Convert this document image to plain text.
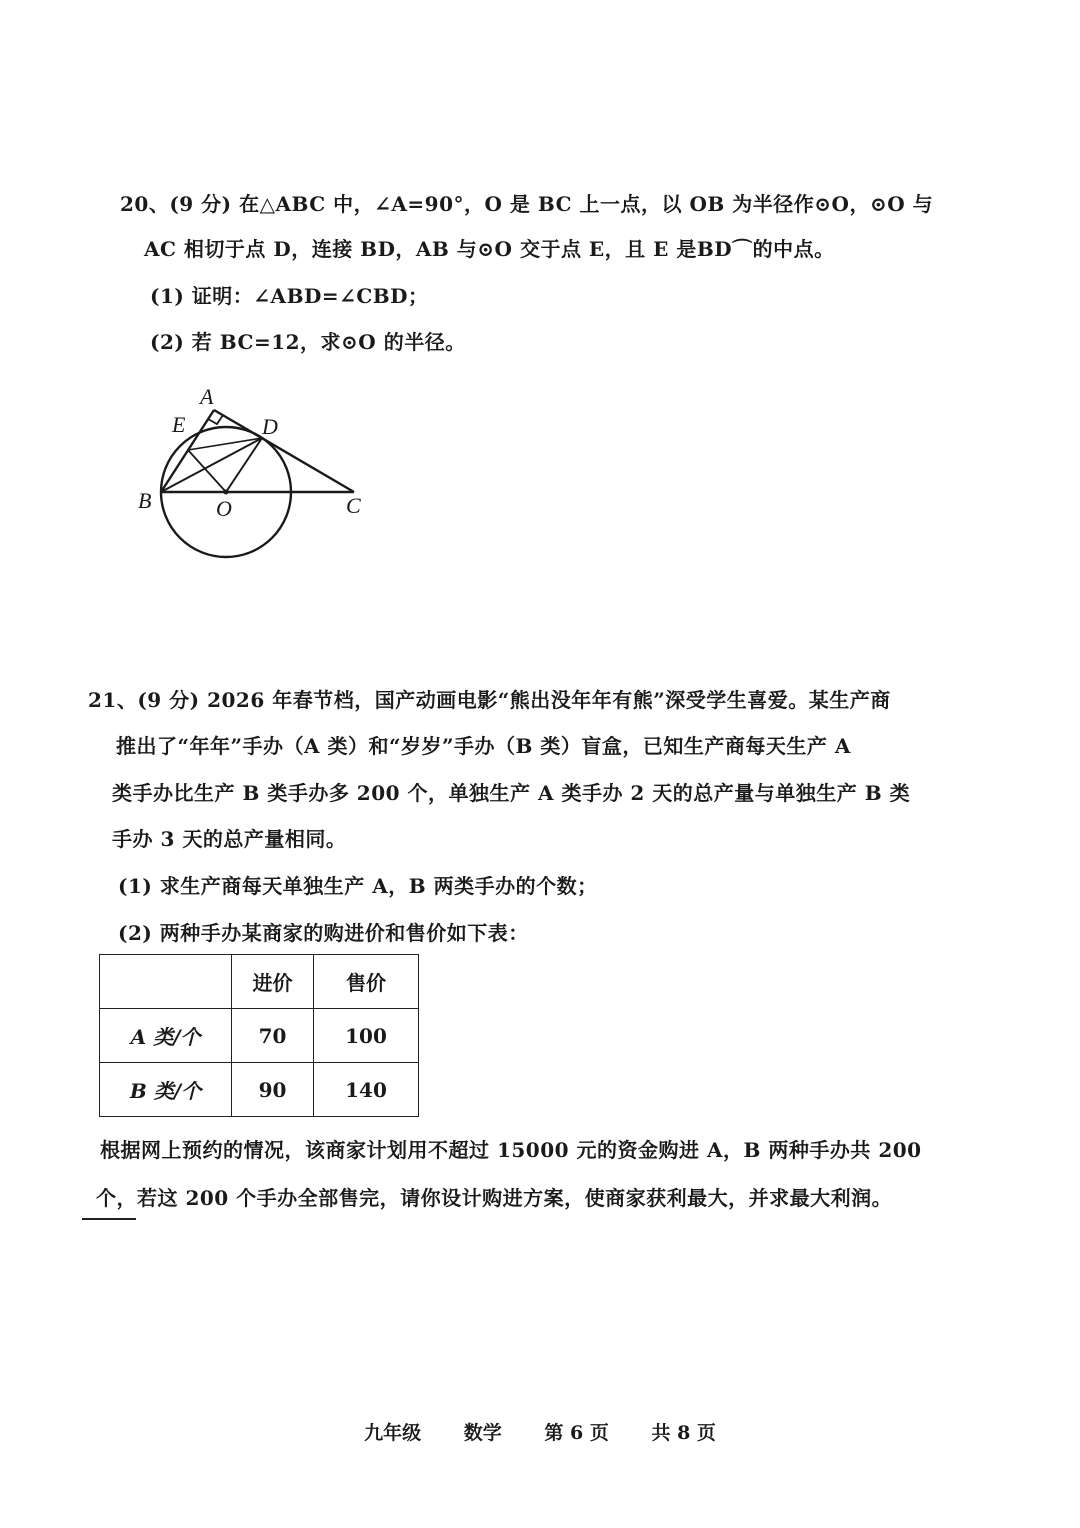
20、(9 分) 在△ABC 中，∠A=90°，O 是 BC 上一点，以 OB 为半径作⊙O，⊙O 与
AC 相切于点 D，连接 BD，AB 与⊙O 交于点 E，且 E 是BD⌒的中点。
(1) 证明：∠ABD=∠CBD；
(2) 若 BC=12，求⊙O 的半径。
A
E	D
B	O	C
21、(9 分) 2026 年春节档，国产动画电影“熊出没年年有熊”深受学生喜爱。某生产商
推出了“年年”手办（A 类）和“岁岁”手办（B 类）盲盒，已知生产商每天生产 A
类手办比生产 B 类手办多 200 个，单独生产 A 类手办 2 天的总产量与单独生产 B 类
手办 3 天的总产量相同。
(1) 求生产商每天单独生产 A，B 两类手办的个数；
(2) 两种手办某商家的购进价和售价如下表：
	进价	售价
A 类/个	70	100
B 类/个	90	140
根据网上预约的情况，该商家计划用不超过 15000 元的资金购进 A，B 两种手办共 200
个，若这 200 个手办全部售完，请你设计购进方案，使商家获利最大，并求最大利润。
九年级 数学 第 6 页 共 8 页
